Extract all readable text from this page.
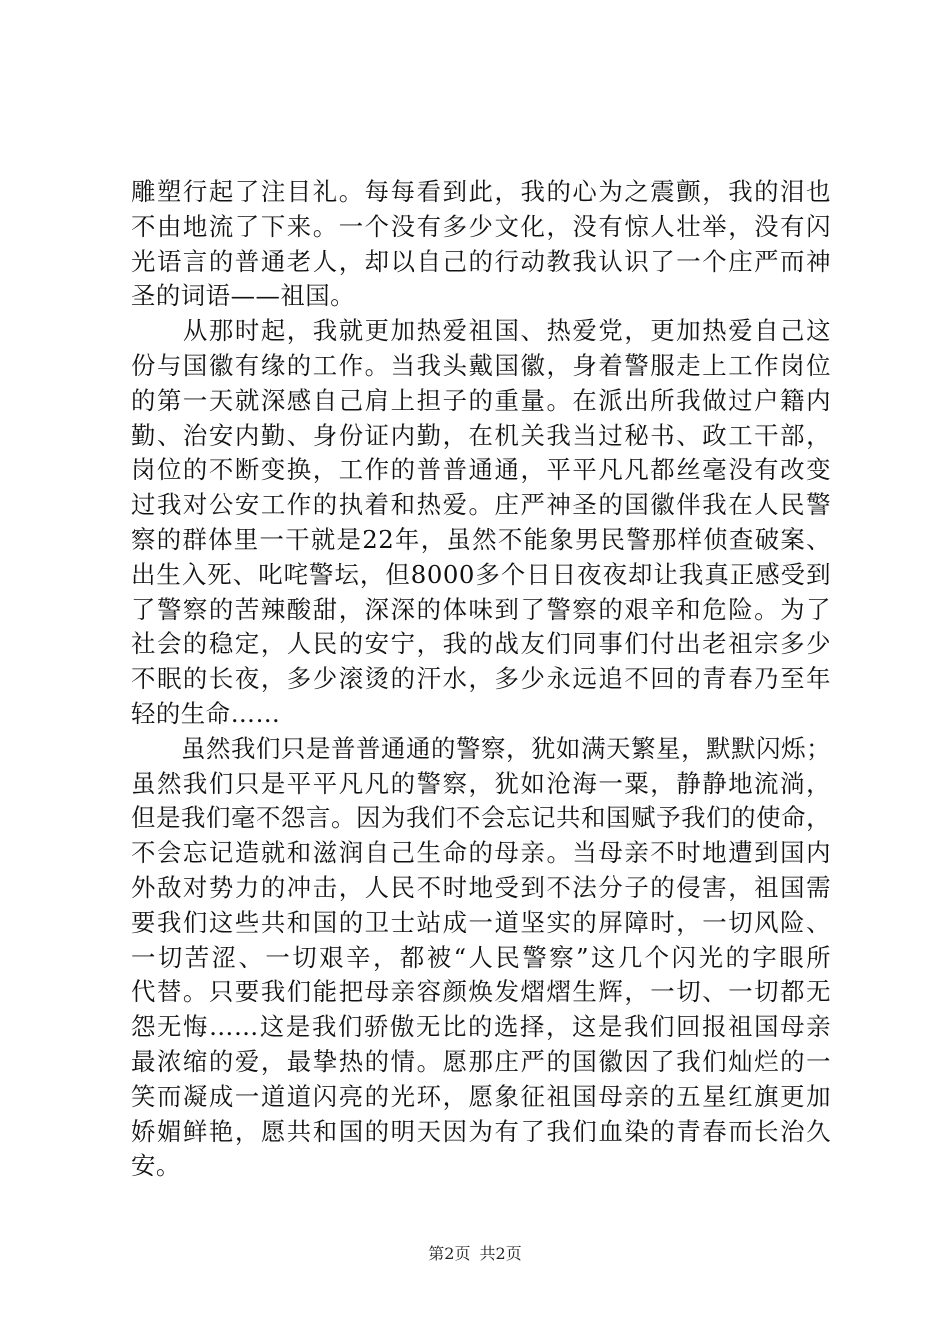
雕塑行起了注目礼。每每看到此，我的心为之震颤，我的泪也
不由地流了下来。一个没有多少文化，没有惊人壮举，没有闪
光语言的普通老人，却以自己的行动教我认识了一个庄严而神
圣的词语——祖国。
　　从那时起，我就更加热爱祖国、热爱党，更加热爱自己这
份与国徽有缘的工作。当我头戴国徽，身着警服走上工作岗位
的第一天就深感自己肩上担子的重量。在派出所我做过户籍内
勤、治安内勤、身份证内勤，在机关我当过秘书、政工干部，
岗位的不断变换，工作的普普通通，平平凡凡都丝毫没有改变
过我对公安工作的执着和热爱。庄严神圣的国徽伴我在人民警
察的群体里一干就是22年，虽然不能象男民警那样侦查破案、
出生入死、叱咤警坛，但8000多个日日夜夜却让我真正感受到
了警察的苦辣酸甜，深深的体味到了警察的艰辛和危险。为了
社会的稳定，人民的安宁，我的战友们同事们付出老祖宗多少
不眠的长夜，多少滚烫的汗水，多少永远追不回的青春乃至年
轻的生命……
　　虽然我们只是普普通通的警察，犹如满天繁星，默默闪烁；
虽然我们只是平平凡凡的警察，犹如沧海一粟，静静地流淌，
但是我们毫不怨言。因为我们不会忘记共和国赋予我们的使命，
不会忘记造就和滋润自己生命的母亲。当母亲不时地遭到国内
外敌对势力的冲击，人民不时地受到不法分子的侵害，祖国需
要我们这些共和国的卫士站成一道坚实的屏障时，一切风险、
一切苦涩、一切艰辛，都被“人民警察”这几个闪光的字眼所
代替。只要我们能把母亲容颜焕发熠熠生辉，一切、一切都无
怨无悔……这是我们骄傲无比的选择，这是我们回报祖国母亲
最浓缩的爱，最挚热的情。愿那庄严的国徽因了我们灿烂的一
笑而凝成一道道闪亮的光环，愿象征祖国母亲的五星红旗更加
娇媚鲜艳，愿共和国的明天因为有了我们血染的青春而长治久
安。
第2页 共2页
